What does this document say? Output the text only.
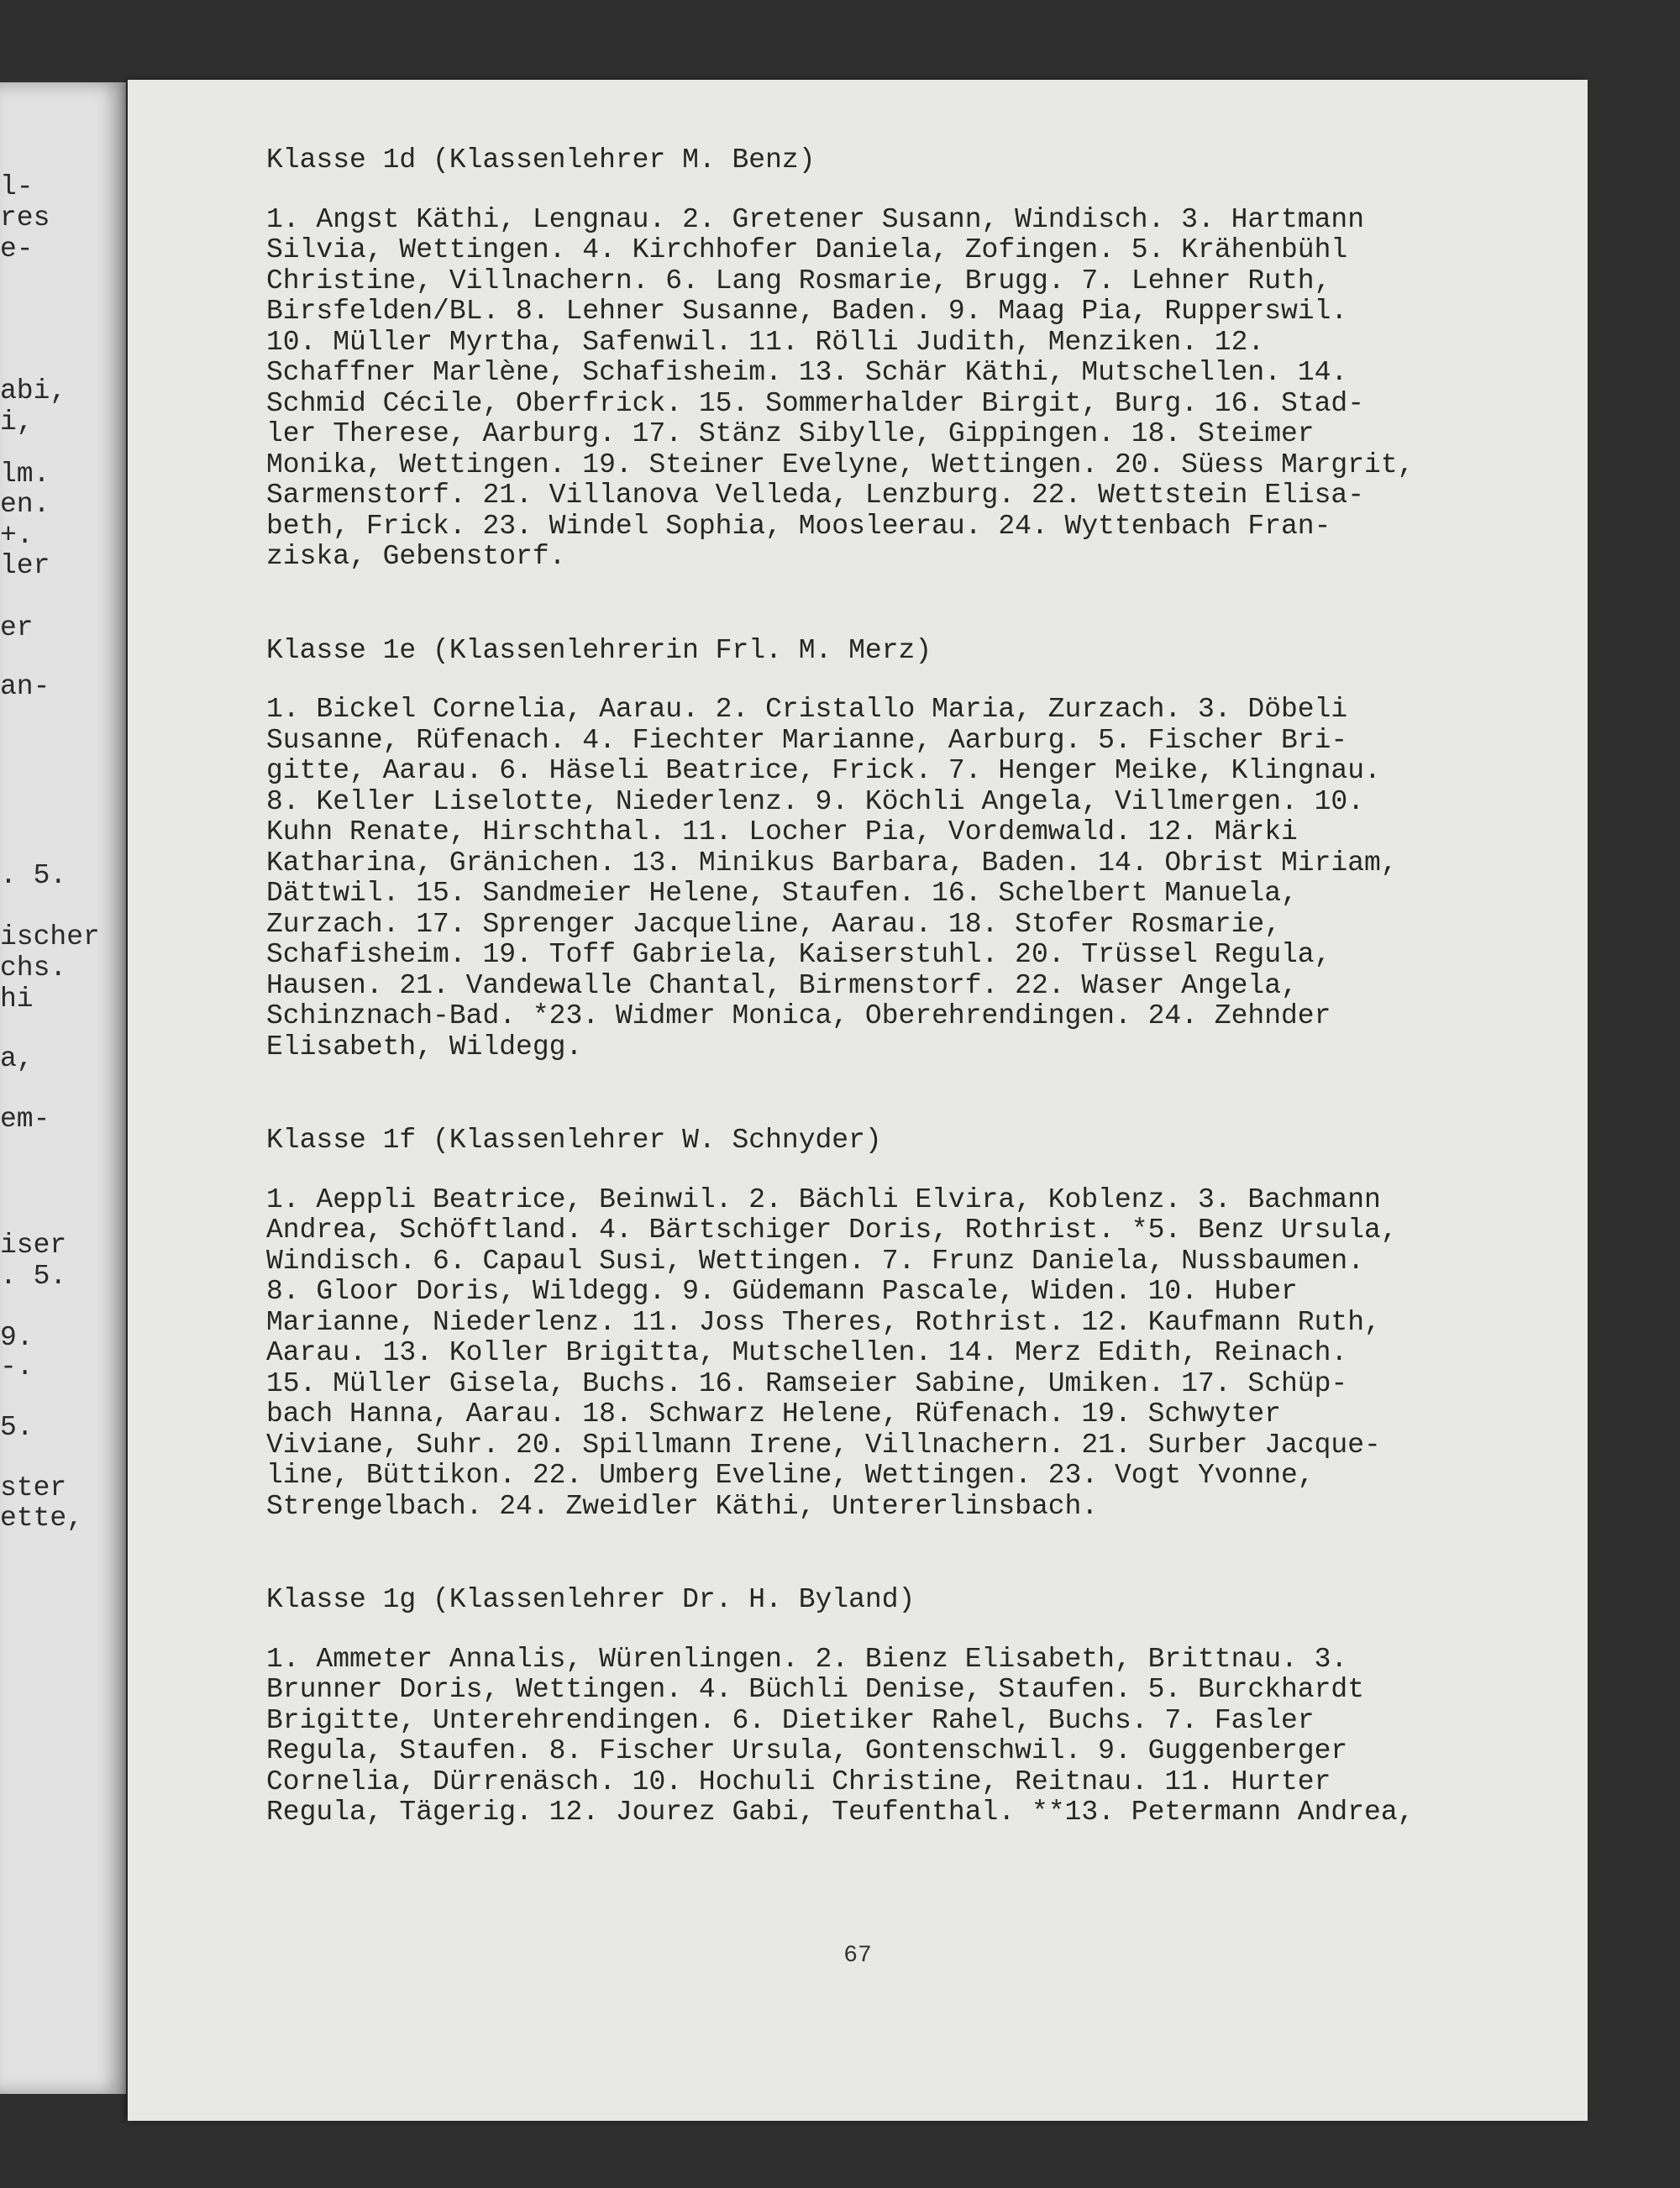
l-
res
e-
abi,
i,
lm.
en.
+.
ler
er
an-
. 5.
ischer
chs.
hi
a,
em-
iser
. 5.
9.
-.
5.
ster
ette,
Klasse 1d (Klassenlehrer M. Benz)
1. Angst Käthi, Lengnau. 2. Gretener Susann, Windisch. 3. Hartmann
Silvia, Wettingen. 4. Kirchhofer Daniela, Zofingen. 5. Krähenbühl
Christine, Villnachern. 6. Lang Rosmarie, Brugg. 7. Lehner Ruth,
Birsfelden/BL. 8. Lehner Susanne, Baden. 9. Maag Pia, Rupperswil.
10. Müller Myrtha, Safenwil. 11. Rölli Judith, Menziken. 12.
Schaffner Marlène, Schafisheim. 13. Schär Käthi, Mutschellen. 14.
Schmid Cécile, Oberfrick. 15. Sommerhalder Birgit, Burg. 16. Stad-
ler Therese, Aarburg. 17. Stänz Sibylle, Gippingen. 18. Steimer
Monika, Wettingen. 19. Steiner Evelyne, Wettingen. 20. Süess Margrit,
Sarmenstorf. 21. Villanova Velleda, Lenzburg. 22. Wettstein Elisa-
beth, Frick. 23. Windel Sophia, Moosleerau. 24. Wyttenbach Fran-
ziska, Gebenstorf.
Klasse 1e (Klassenlehrerin Frl. M. Merz)
1. Bickel Cornelia, Aarau. 2. Cristallo Maria, Zurzach. 3. Döbeli
Susanne, Rüfenach. 4. Fiechter Marianne, Aarburg. 5. Fischer Bri-
gitte, Aarau. 6. Häseli Beatrice, Frick. 7. Henger Meike, Klingnau.
8. Keller Liselotte, Niederlenz. 9. Köchli Angela, Villmergen. 10.
Kuhn Renate, Hirschthal. 11. Locher Pia, Vordemwald. 12. Märki
Katharina, Gränichen. 13. Minikus Barbara, Baden. 14. Obrist Miriam,
Dättwil. 15. Sandmeier Helene, Staufen. 16. Schelbert Manuela,
Zurzach. 17. Sprenger Jacqueline, Aarau. 18. Stofer Rosmarie,
Schafisheim. 19. Toff Gabriela, Kaiserstuhl. 20. Trüssel Regula,
Hausen. 21. Vandewalle Chantal, Birmenstorf. 22. Waser Angela,
Schinznach-Bad. *23. Widmer Monica, Oberehrendingen. 24. Zehnder
Elisabeth, Wildegg.
Klasse 1f (Klassenlehrer W. Schnyder)
1. Aeppli Beatrice, Beinwil. 2. Bächli Elvira, Koblenz. 3. Bachmann
Andrea, Schöftland. 4. Bärtschiger Doris, Rothrist. *5. Benz Ursula,
Windisch. 6. Capaul Susi, Wettingen. 7. Frunz Daniela, Nussbaumen.
8. Gloor Doris, Wildegg. 9. Güdemann Pascale, Widen. 10. Huber
Marianne, Niederlenz. 11. Joss Theres, Rothrist. 12. Kaufmann Ruth,
Aarau. 13. Koller Brigitta, Mutschellen. 14. Merz Edith, Reinach.
15. Müller Gisela, Buchs. 16. Ramseier Sabine, Umiken. 17. Schüp-
bach Hanna, Aarau. 18. Schwarz Helene, Rüfenach. 19. Schwyter
Viviane, Suhr. 20. Spillmann Irene, Villnachern. 21. Surber Jacque-
line, Büttikon. 22. Umberg Eveline, Wettingen. 23. Vogt Yvonne,
Strengelbach. 24. Zweidler Käthi, Untererlinsbach.
Klasse 1g (Klassenlehrer Dr. H. Byland)
1. Ammeter Annalis, Würenlingen. 2. Bienz Elisabeth, Brittnau. 3.
Brunner Doris, Wettingen. 4. Büchli Denise, Staufen. 5. Burckhardt
Brigitte, Unterehrendingen. 6. Dietiker Rahel, Buchs. 7. Fasler
Regula, Staufen. 8. Fischer Ursula, Gontenschwil. 9. Guggenberger
Cornelia, Dürrenäsch. 10. Hochuli Christine, Reitnau. 11. Hurter
Regula, Tägerig. 12. Jourez Gabi, Teufenthal. **13. Petermann Andrea,
67
